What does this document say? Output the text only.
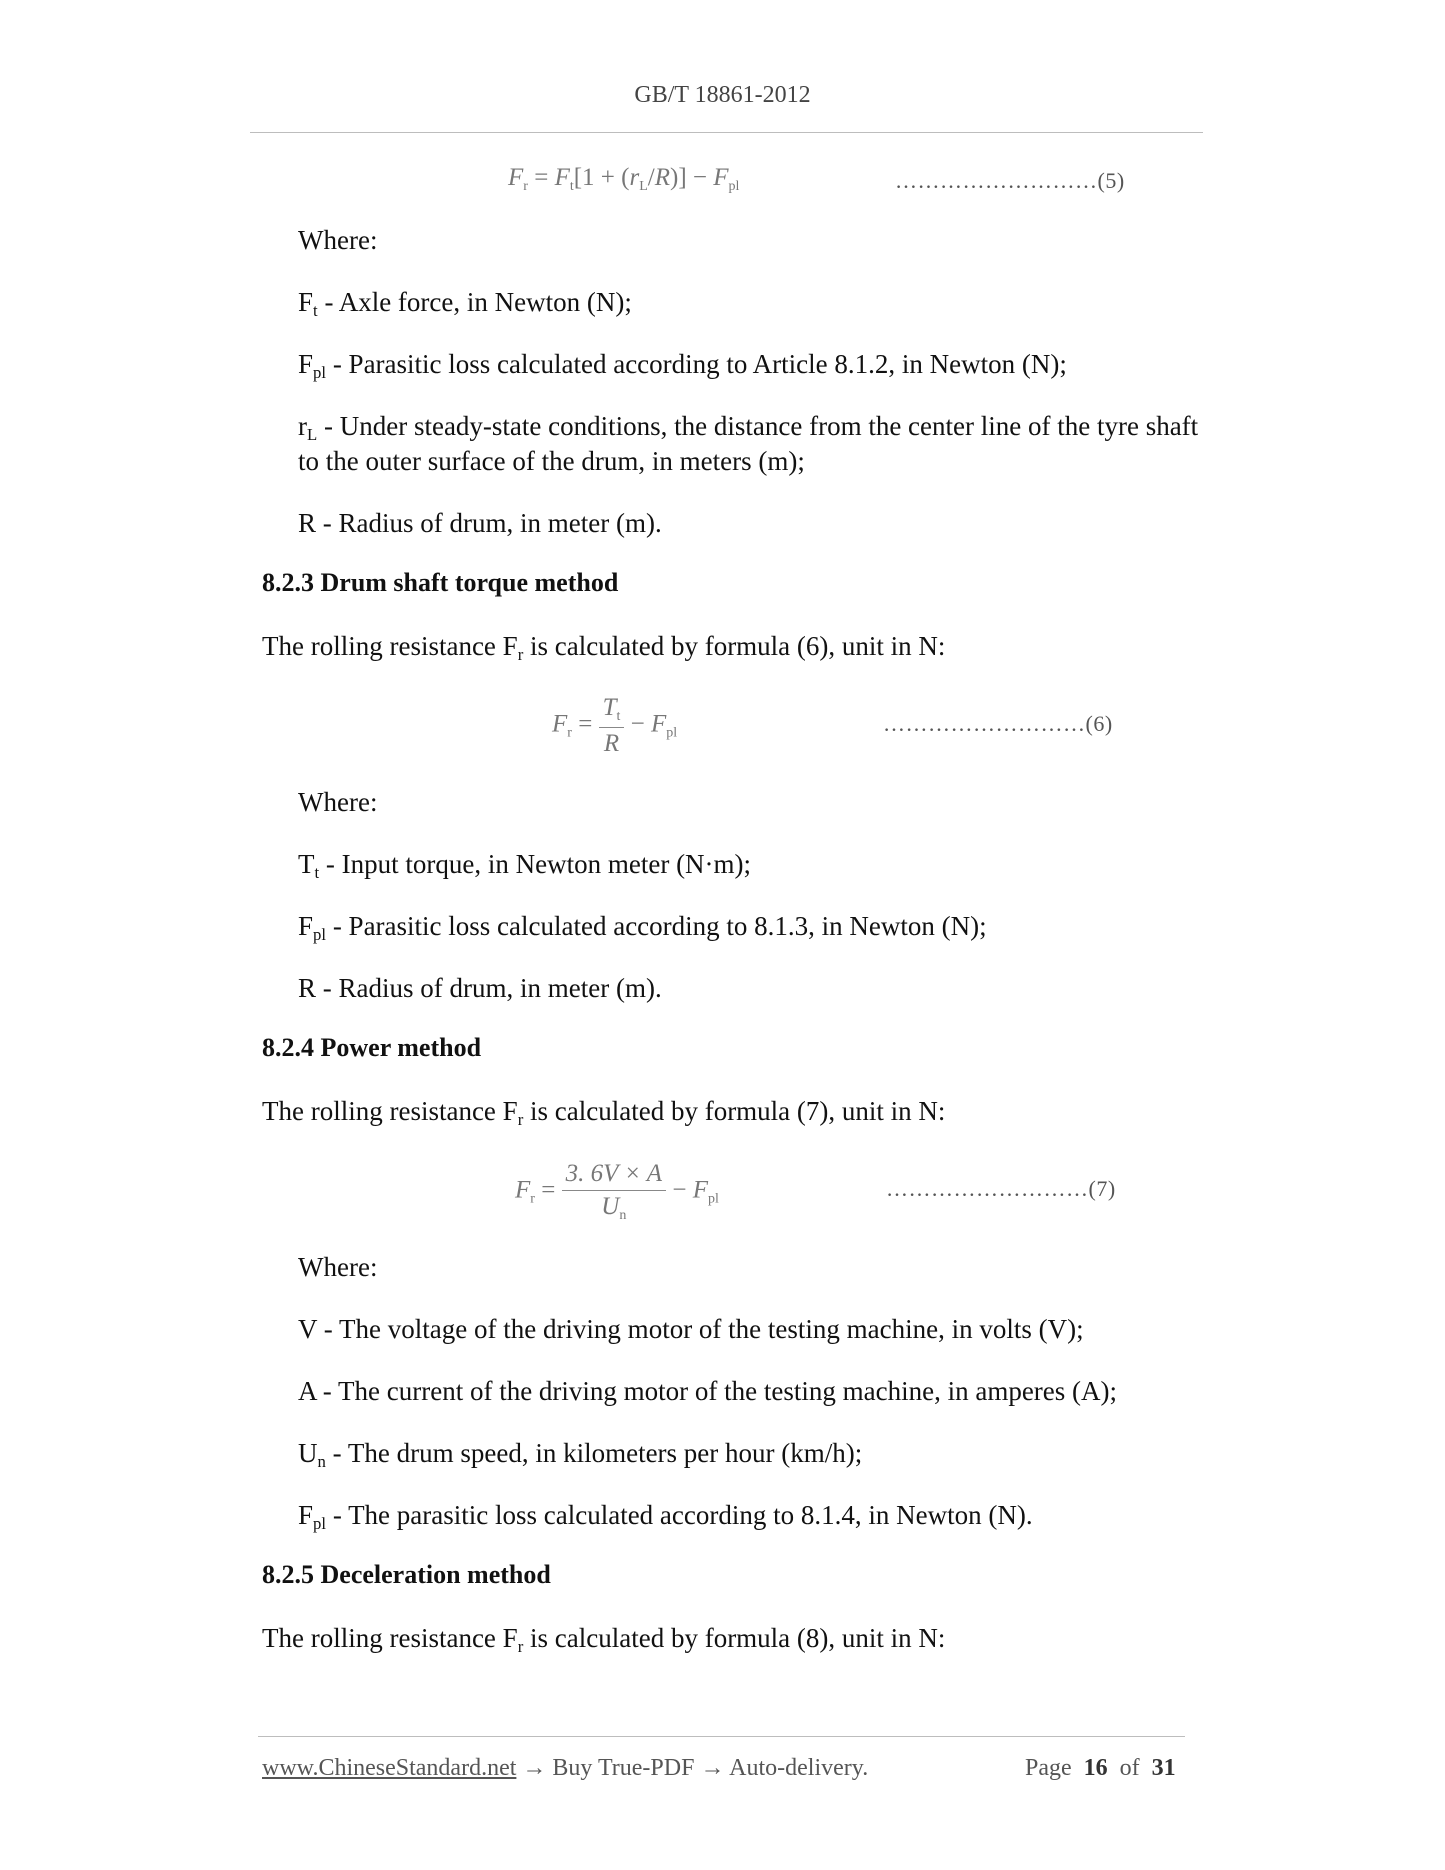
GB/T 18861-2012
Fr = Ft[1 + (rL/R)] − Fpl	………………………(5)
Where:
$F_t$ - Axle force, in Newton (N);
$F_{pl}$ - Parasitic loss calculated according to Article 8.1.2, in Newton (N);
$r_L$ - Under steady-state conditions, the distance from the center line of the tyre shaft
to the outer surface of the drum, in meters (m);
R - Radius of drum, in meter (m).
8.2.3 Drum shaft torque method
The rolling resistance $F_r$ is calculated by formula (6), unit in N:
$Fr = \frac{Tt}{R}$ − Fpl	………………………(6)
Where:
$T_t$ - Input torque, in Newton meter (N·m);
$F_{pl}$ - Parasitic loss calculated according to 8.1.3, in Newton (N);
R - Radius of drum, in meter (m).
8.2.4 Power method
The rolling resistance $F_r$ is calculated by formula (7), unit in N:
$Fr = \frac{3. 6V \times A}{Un}$ − Fpl	………………………(7)
Where:
V - The voltage of the driving motor of the testing machine, in volts (V);
A - The current of the driving motor of the testing machine, in amperes (A);
$U_n$ - The drum speed, in kilometers per hour (km/h);
$F_{pl}$ - The parasitic loss calculated according to 8.1.4, in Newton (N).
8.2.5 Deceleration method
The rolling resistance $F_r$ is calculated by formula (8), unit in N:
www.ChineseStandard.net → Buy True-PDF → Auto-delivery.	Page 16 of 31
